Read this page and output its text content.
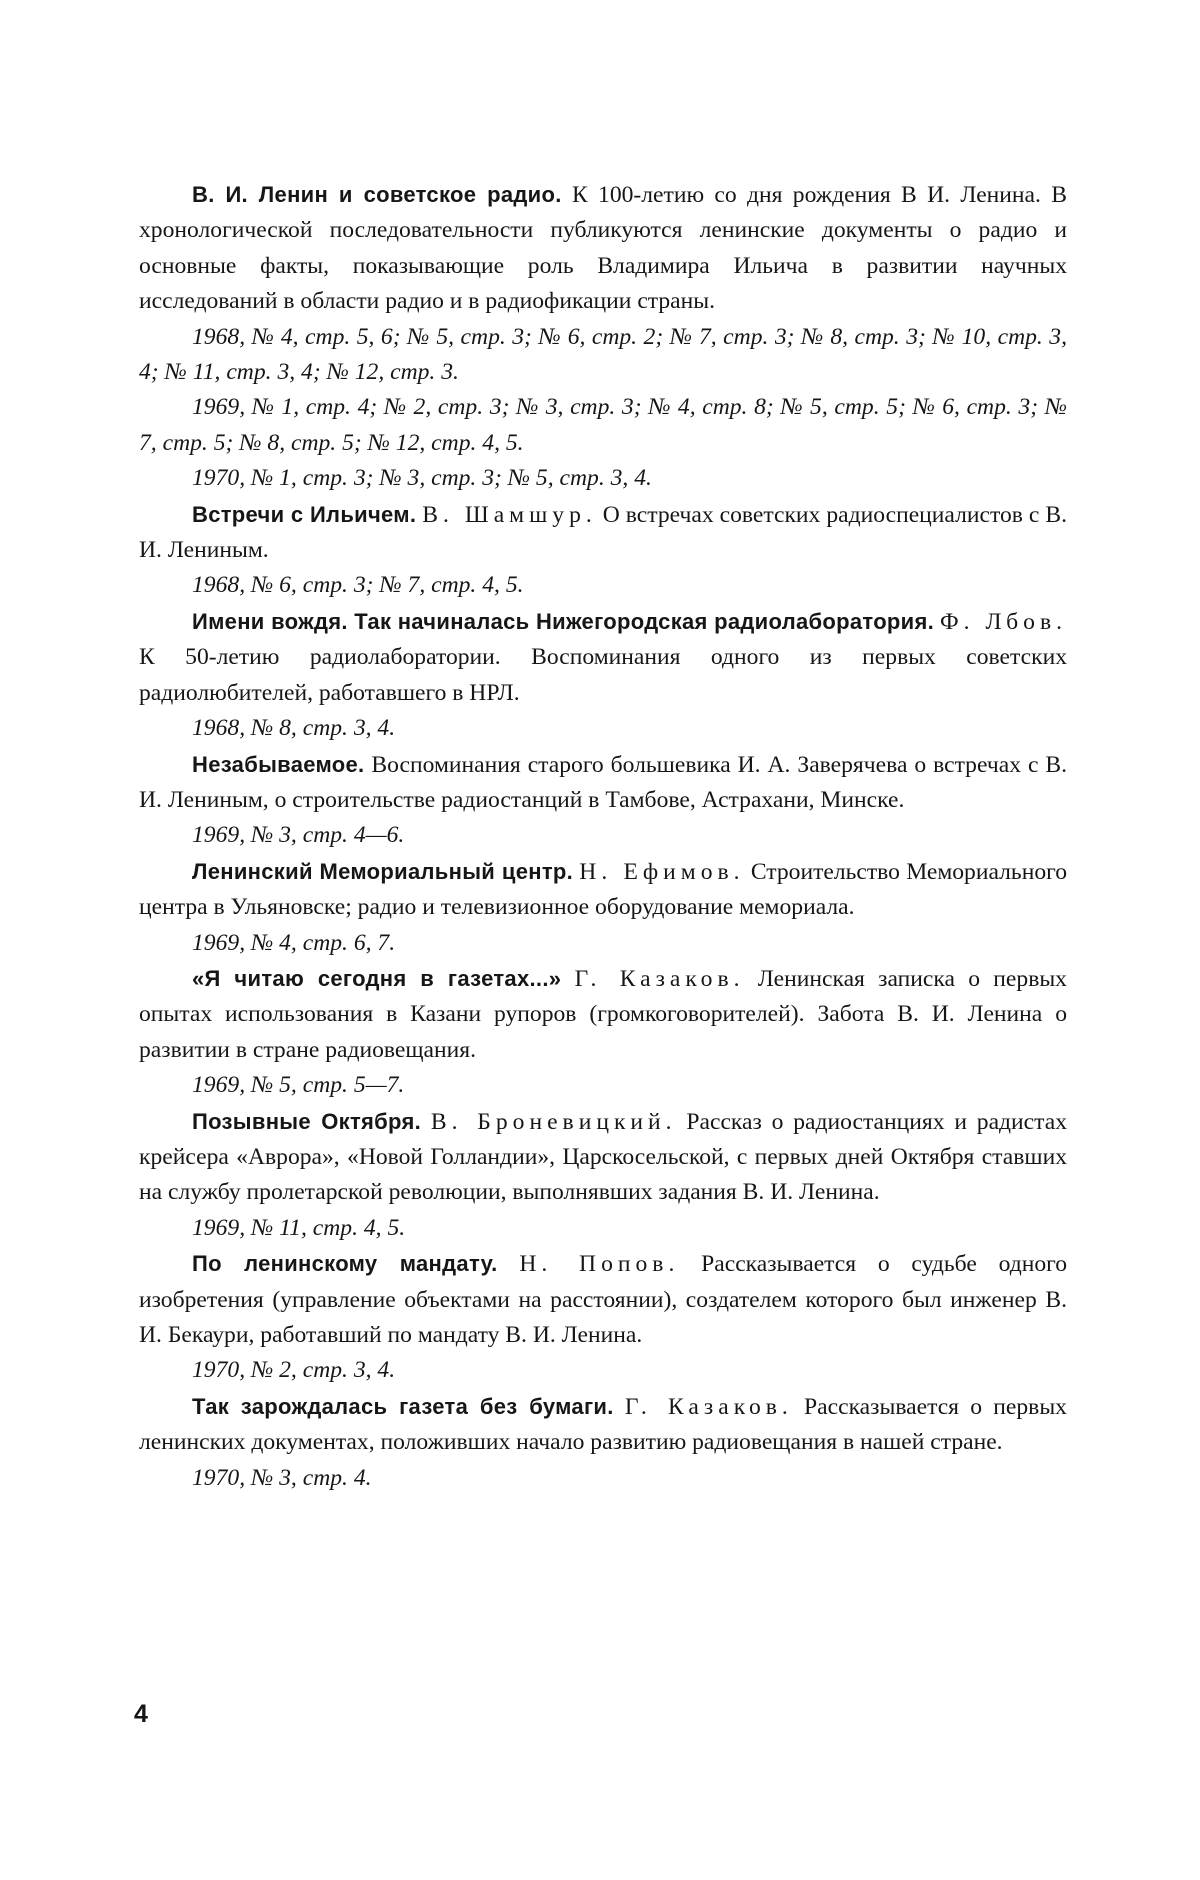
В. И. Ленин и советское радио. К 100-летию со дня рождения В И. Ленина. В хронологической последовательности публикуются ленинские документы о радио и основные факты, показывающие роль Владимира Ильича в развитии научных исследований в области радио и в радиофикации страны.

1968, № 4, стр. 5, 6; № 5, стр. 3; № 6, стр. 2; № 7, стр. 3; № 8, стр. 3; № 10, стр. 3, 4; № 11, стр. 3, 4; № 12, стр. 3.

1969, № 1, стр. 4; № 2, стр. 3; № 3, стр. 3; № 4, стр. 8; № 5, стр. 5; № 6, стр. 3; № 7, стр. 5; № 8, стр. 5; № 12, стр. 4, 5.

1970, № 1, стр. 3; № 3, стр. 3; № 5, стр. 3, 4.

Встречи с Ильичем. В. Шамшур. О встречах советских радиоспециалистов с В. И. Лениным.

1968, № 6, стр. 3; № 7, стр. 4, 5.

Имени вождя. Так начиналась Нижегородская радиолаборатория. Ф. Лбов. К 50-летию радиолаборатории. Воспоминания одного из первых советских радиолюбителей, работавшего в НРЛ.

1968, № 8, стр. 3, 4.

Незабываемое. Воспоминания старого большевика И. А. Заверячева о встречах с В. И. Лениным, о строительстве радиостанций в Тамбове, Астрахани, Минске.

1969, № 3, стр. 4—6.

Ленинский Мемориальный центр. Н. Ефимов. Строительство Мемориального центра в Ульяновске; радио и телевизионное оборудование мемориала.

1969, № 4, стр. 6, 7.

«Я читаю сегодня в газетах...» Г. Казаков. Ленинская записка о первых опытах использования в Казани рупоров (громкоговорителей). Забота В. И. Ленина о развитии в стране радиовещания.

1969, № 5, стр. 5—7.

Позывные Октября. В. Броневицкий. Рассказ о радиостанциях и радистах крейсера «Аврора», «Новой Голландии», Царскосельской, с первых дней Октября ставших на службу пролетарской революции, выполнявших задания В. И. Ленина.

1969, № 11, стр. 4, 5.

По ленинскому мандату. Н. Попов. Рассказывается о судьбе одного изобретения (управление объектами на расстоянии), создателем которого был инженер В. И. Бекаури, работавший по мандату В. И. Ленина.

1970, № 2, стр. 3, 4.

Так зарождалась газета без бумаги. Г. Казаков. Рассказывается о первых ленинских документах, положивших начало развитию радиовещания в нашей стране.

1970, № 3, стр. 4.

4
